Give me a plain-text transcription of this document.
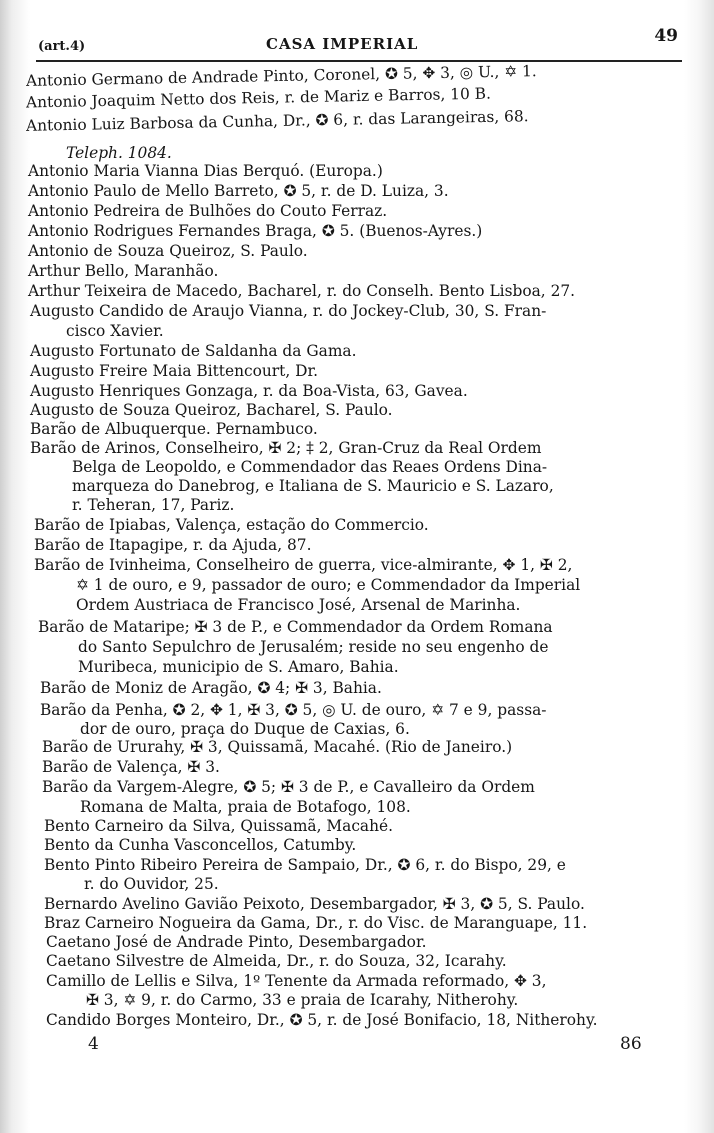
(art.4)	CASA IMPERIAL	49
Antonio Germano de Andrade Pinto, Coronel, ✪ 5, ✥ 3, ◎ U., ✡ 1.
Antonio Joaquim Netto dos Reis, r. de Mariz e Barros, 10 B.
Antonio Luiz Barbosa da Cunha, Dr., ✪ 6, r. das Larangeiras, 68.
Teleph. 1084.
Antonio Maria Vianna Dias Berquó. (Europa.)
Antonio Paulo de Mello Barreto, ✪ 5, r. de D. Luiza, 3.
Antonio Pedreira de Bulhões do Couto Ferraz.
Antonio Rodrigues Fernandes Braga, ✪ 5. (Buenos-Ayres.)
Antonio de Souza Queiroz, S. Paulo.
Arthur Bello, Maranhão.
Arthur Teixeira de Macedo, Bacharel, r. do Conselh. Bento Lisboa, 27.
Augusto Candido de Araujo Vianna, r. do Jockey-Club, 30, S. Fran-
cisco Xavier.
Augusto Fortunato de Saldanha da Gama.
Augusto Freire Maia Bittencourt, Dr.
Augusto Henriques Gonzaga, r. da Boa-Vista, 63, Gavea.
Augusto de Souza Queiroz, Bacharel, S. Paulo.
Barão de Albuquerque. Pernambuco.
Barão de Arinos, Conselheiro, ✠ 2; ‡ 2, Gran-Cruz da Real Ordem
Belga de Leopoldo, e Commendador das Reaes Ordens Dina-
marqueza do Danebrog, e Italiana de S. Mauricio e S. Lazaro,
r. Teheran, 17, Pariz.
Barão de Ipiabas, Valença, estação do Commercio.
Barão de Itapagipe, r. da Ajuda, 87.
Barão de Ivinheima, Conselheiro de guerra, vice-almirante, ✥ 1, ✠ 2,
✡ 1 de ouro, e 9, passador de ouro; e Commendador da Imperial
Ordem Austriaca de Francisco José, Arsenal de Marinha.
Barão de Mataripe; ✠ 3 de P., e Commendador da Ordem Romana
do Santo Sepulchro de Jerusalém; reside no seu engenho de
Muribeca, municipio de S. Amaro, Bahia.
Barão de Moniz de Aragão, ✪ 4; ✠ 3, Bahia.
Barão da Penha, ✪ 2, ✥ 1, ✠ 3, ✪ 5, ◎ U. de ouro, ✡ 7 e 9, passa-
dor de ouro, praça do Duque de Caxias, 6.
Barão de Ururahy, ✠ 3, Quissamã, Macahé. (Rio de Janeiro.)
Barão de Valença, ✠ 3.
Barão da Vargem-Alegre, ✪ 5; ✠ 3 de P., e Cavalleiro da Ordem
Romana de Malta, praia de Botafogo, 108.
Bento Carneiro da Silva, Quissamã, Macahé.
Bento da Cunha Vasconcellos, Catumby.
Bento Pinto Ribeiro Pereira de Sampaio, Dr., ✪ 6, r. do Bispo, 29, e
r. do Ouvidor, 25.
Bernardo Avelino Gavião Peixoto, Desembargador, ✠ 3, ✪ 5, S. Paulo.
Braz Carneiro Nogueira da Gama, Dr., r. do Visc. de Maranguape, 11.
Caetano José de Andrade Pinto, Desembargador.
Caetano Silvestre de Almeida, Dr., r. do Souza, 32, Icarahy.
Camillo de Lellis e Silva, 1º Tenente da Armada reformado, ✥ 3,
✠ 3, ✡ 9, r. do Carmo, 33 e praia de Icarahy, Nitherohy.
Candido Borges Monteiro, Dr., ✪ 5, r. de José Bonifacio, 18, Nitherohy.
4	86
